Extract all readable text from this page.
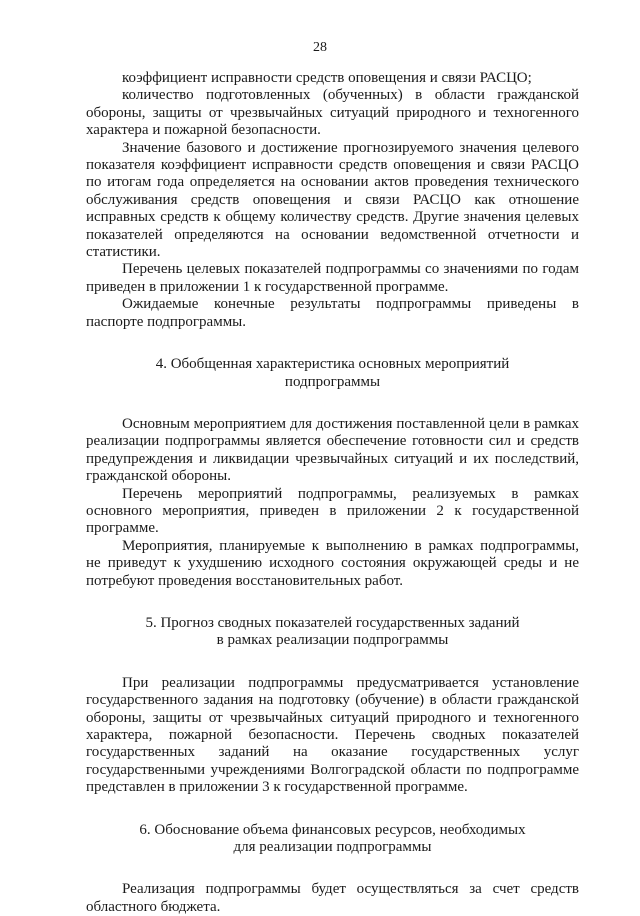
28

коэффициент исправности средств оповещения и связи РАСЦО;

количество подготовленных (обученных) в области гражданской обороны, защиты от чрезвычайных ситуаций природного и техногенного характера и пожарной безопасности.

Значение базового и достижение прогнозируемого значения целевого показателя коэффициент исправности средств оповещения и связи РАСЦО по итогам года определяется на основании актов проведения технического обслуживания средств оповещения и связи РАСЦО как отношение исправных средств к общему количеству средств. Другие значения целевых показателей определяются на основании ведомственной отчетности и статистики.

Перечень целевых показателей подпрограммы со значениями по годам приведен в приложении 1 к государственной программе.

Ожидаемые конечные результаты подпрограммы приведены в паспорте подпрограммы.

4. Обобщенная характеристика основных мероприятий
подпрограммы

Основным мероприятием для достижения поставленной цели в рамках реализации подпрограммы является обеспечение готовности сил и средств предупреждения и ликвидации чрезвычайных ситуаций и их последствий, гражданской обороны.

Перечень мероприятий подпрограммы, реализуемых в рамках основного мероприятия, приведен в приложении 2 к государственной программе.

Мероприятия, планируемые к выполнению в рамках подпрограммы, не приведут к ухудшению исходного состояния окружающей среды и не потребуют проведения восстановительных работ.

5. Прогноз сводных показателей государственных заданий
в рамках реализации подпрограммы

При реализации подпрограммы предусматривается установление государственного задания на подготовку (обучение) в области гражданской обороны, защиты от чрезвычайных ситуаций природного и техногенного характера, пожарной безопасности. Перечень сводных показателей государственных заданий на оказание государственных услуг государственными учреждениями Волгоградской области по подпрограмме представлен в приложении 3 к государственной программе.

6. Обоснование объема финансовых ресурсов, необходимых
для реализации подпрограммы

Реализация подпрограммы будет осуществляться за счет средств областного бюджета.
